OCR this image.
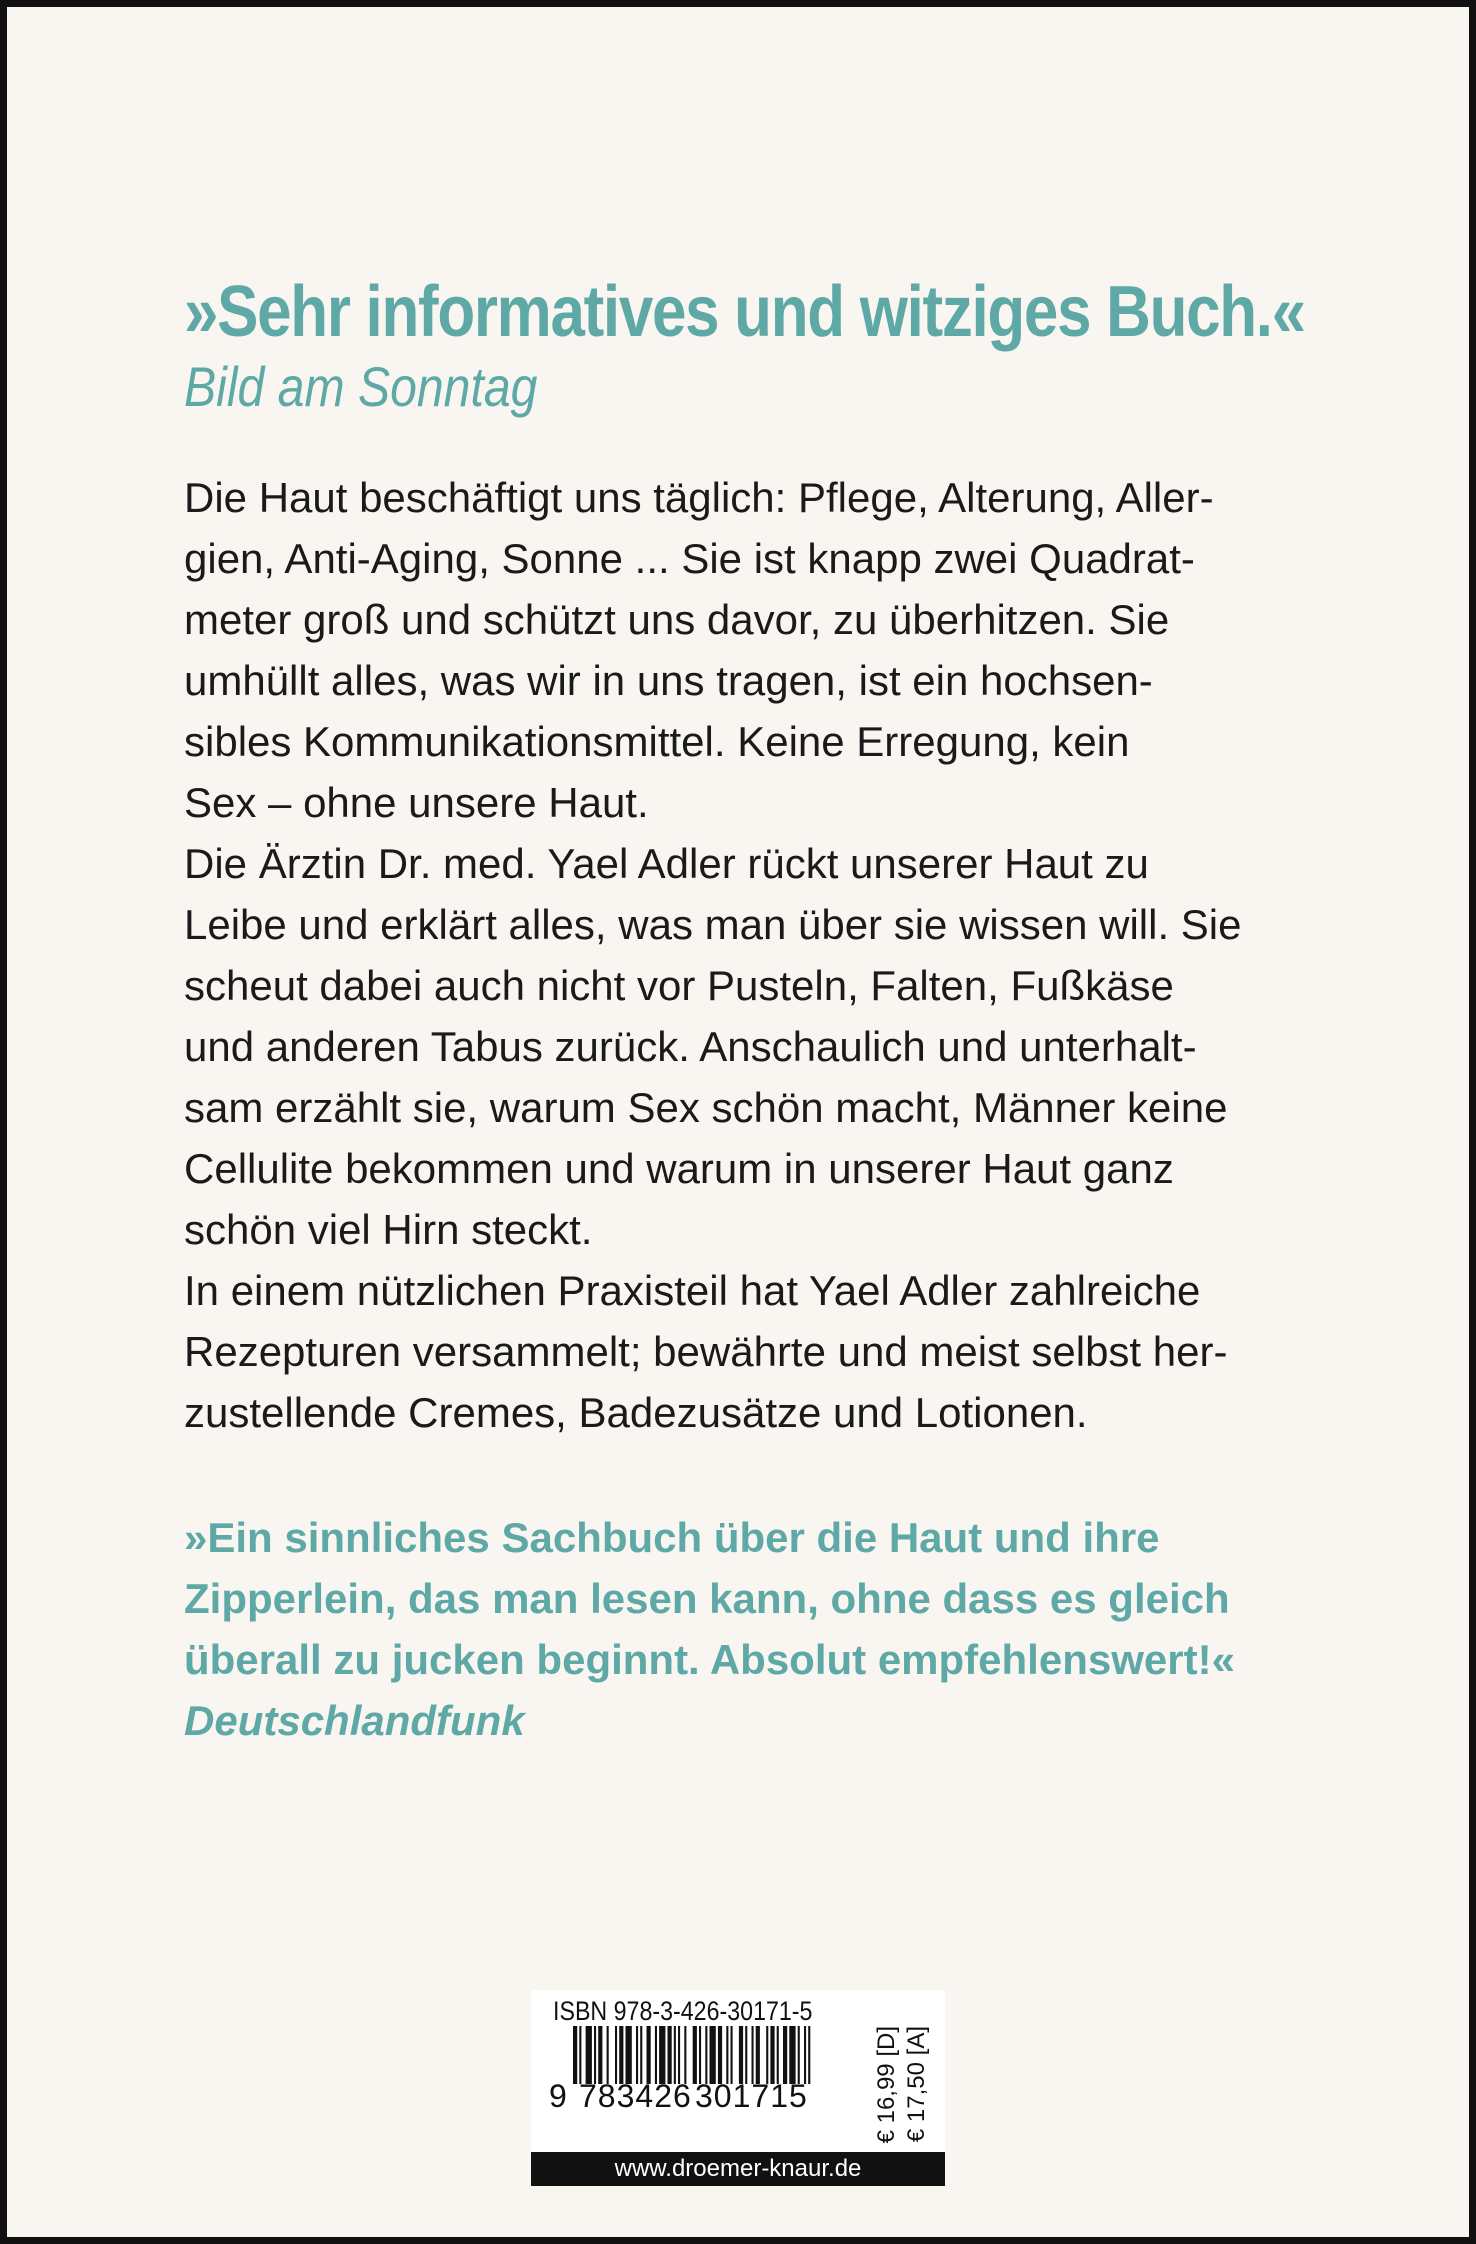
»Sehr informatives und witziges Buch.«
Bild am Sonntag
Die Haut beschäftigt uns täglich: Pflege, Alterung, Aller-
gien, Anti-Aging, Sonne ... Sie ist knapp zwei Quadrat-
meter groß und schützt uns davor, zu überhitzen. Sie
umhüllt alles, was wir in uns tragen, ist ein hochsen-
sibles Kommunikationsmittel. Keine Erregung, kein
Sex – ohne unsere Haut.
Die Ärztin Dr. med. Yael Adler rückt unserer Haut zu
Leibe und erklärt alles, was man über sie wissen will. Sie
scheut dabei auch nicht vor Pusteln, Falten, Fußkäse
und anderen Tabus zurück. Anschaulich und unterhalt-
sam erzählt sie, warum Sex schön macht, Männer keine
Cellulite bekommen und warum in unserer Haut ganz
schön viel Hirn steckt.
In einem nützlichen Praxisteil hat Yael Adler zahlreiche
Rezepturen versammelt; bewährte und meist selbst her-
zustellende Cremes, Badezusätze und Lotionen.
»Ein sinnliches Sachbuch über die Haut und ihre
Zipperlein, das man lesen kann, ohne dass es gleich
überall zu jucken beginnt. Absolut empfehlenswert!«
Deutschlandfunk
ISBN 978-3-426-30171-5
9 783426 301715	€ 16,99 [D] € 17,50 [A]
www.droemer-knaur.de
